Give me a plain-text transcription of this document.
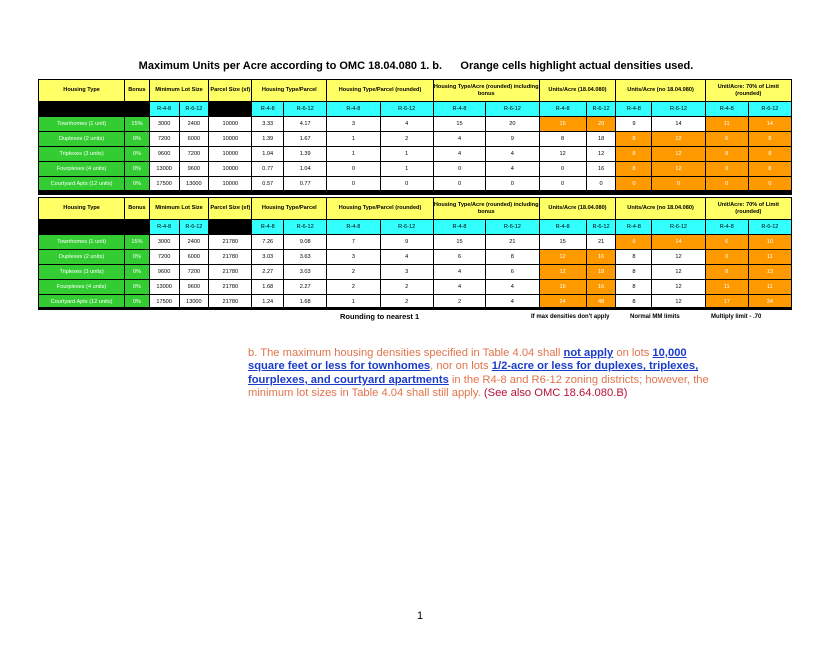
Maximum Units per Acre according to OMC 18.04.080 1. b.      Orange cells highlight actual densities used.
Housing Type	Bonus	Minimum Lot Size		Parcel Size (sf)	Housing Type/Parcel		Housing Type/Parcel (rounded)		Housing Type/Acre (rounded) including bonus		Units/Acre (18.04.080)		Units/Acre (no 18.04.080)		Unit/Acre: 70% of Limit (rounded)	
		R-4-8	R-6-12		R-4-8	R-6-12	R-4-8	R-6-12	R-4-8	R-6-12	R-4-8	R-6-12	R-4-8	R-6-12	R-4-8	R-6-12
Townhomes (1 unit)	15%	3000	2400	10000	3.33	4.17	3	4	15	20	15	20	9	14	11	14
Duplexes (2 units)	0%	7200	6000	10000	1.39	1.67	1	2	4	9	8	18	8	12	6	8
Triplexes (3 units)	0%	9600	7200	10000	1.04	1.39	1	1	4	4	12	12	8	12	8	8
Fourplexes (4 units)	0%	13000	9600	10000	0.77	1.04	0	1	0	4	0	16	8	12	0	8
Courtyard Apts (12 units)	0%	17500	13000	10000	0.57	0.77	0	0	0	0	0	0	0	0	0	0
Housing Type	Bonus	Minimum Lot Size		Parcel Size (sf)	Housing Type/Parcel		Housing Type/Parcel (rounded)		Housing Type/Acre (rounded) including bonus		Units/Acre (18.04.080)		Units/Acre (no 18.04.080)		Unit/Acre: 70% of Limit (rounded)	
		R-4-8	R-6-12		R-4-8	R-6-12	R-4-8	R-6-12	R-4-8	R-6-12	R-4-8	R-6-12	R-4-8	R-6-12	R-4-8	R-6-12
Townhomes (1 unit)	15%	3000	2400	21780	7.26	9.08	7	9	15	21	15	21	9	14	6	10
Duplexes (2 units)	0%	7200	6000	21780	3.03	3.63	3	4	6	8	12	16	8	12	0	11
Triplexes (3 units)	0%	9600	7200	21780	2.27	3.03	2	3	4	6	12	18	8	12	8	13
Fourplexes (4 units)	0%	13000	9600	21780	1.68	2.27	2	2	4	4	16	16	8	12	11	11
Courtyard Apts (12 units)	0%	17500	13000	21780	1.24	1.68	1	2	2	4	24	48	8	12	17	34
Rounding to nearest 1	If max densities don't apply	Normal MM limits	Multiply limit - .70
b. The maximum housing densities specified in Table 4.04 shall not apply on lots 10,000 square feet or less for townhomes, nor on lots 1/2-acre or less for duplexes, triplexes, fourplexes, and courtyard apartments in the R4-8 and R6-12 zoning districts; however, the minimum lot sizes in Table 4.04 shall still apply. (See also OMC 18.64.080.B)
1
